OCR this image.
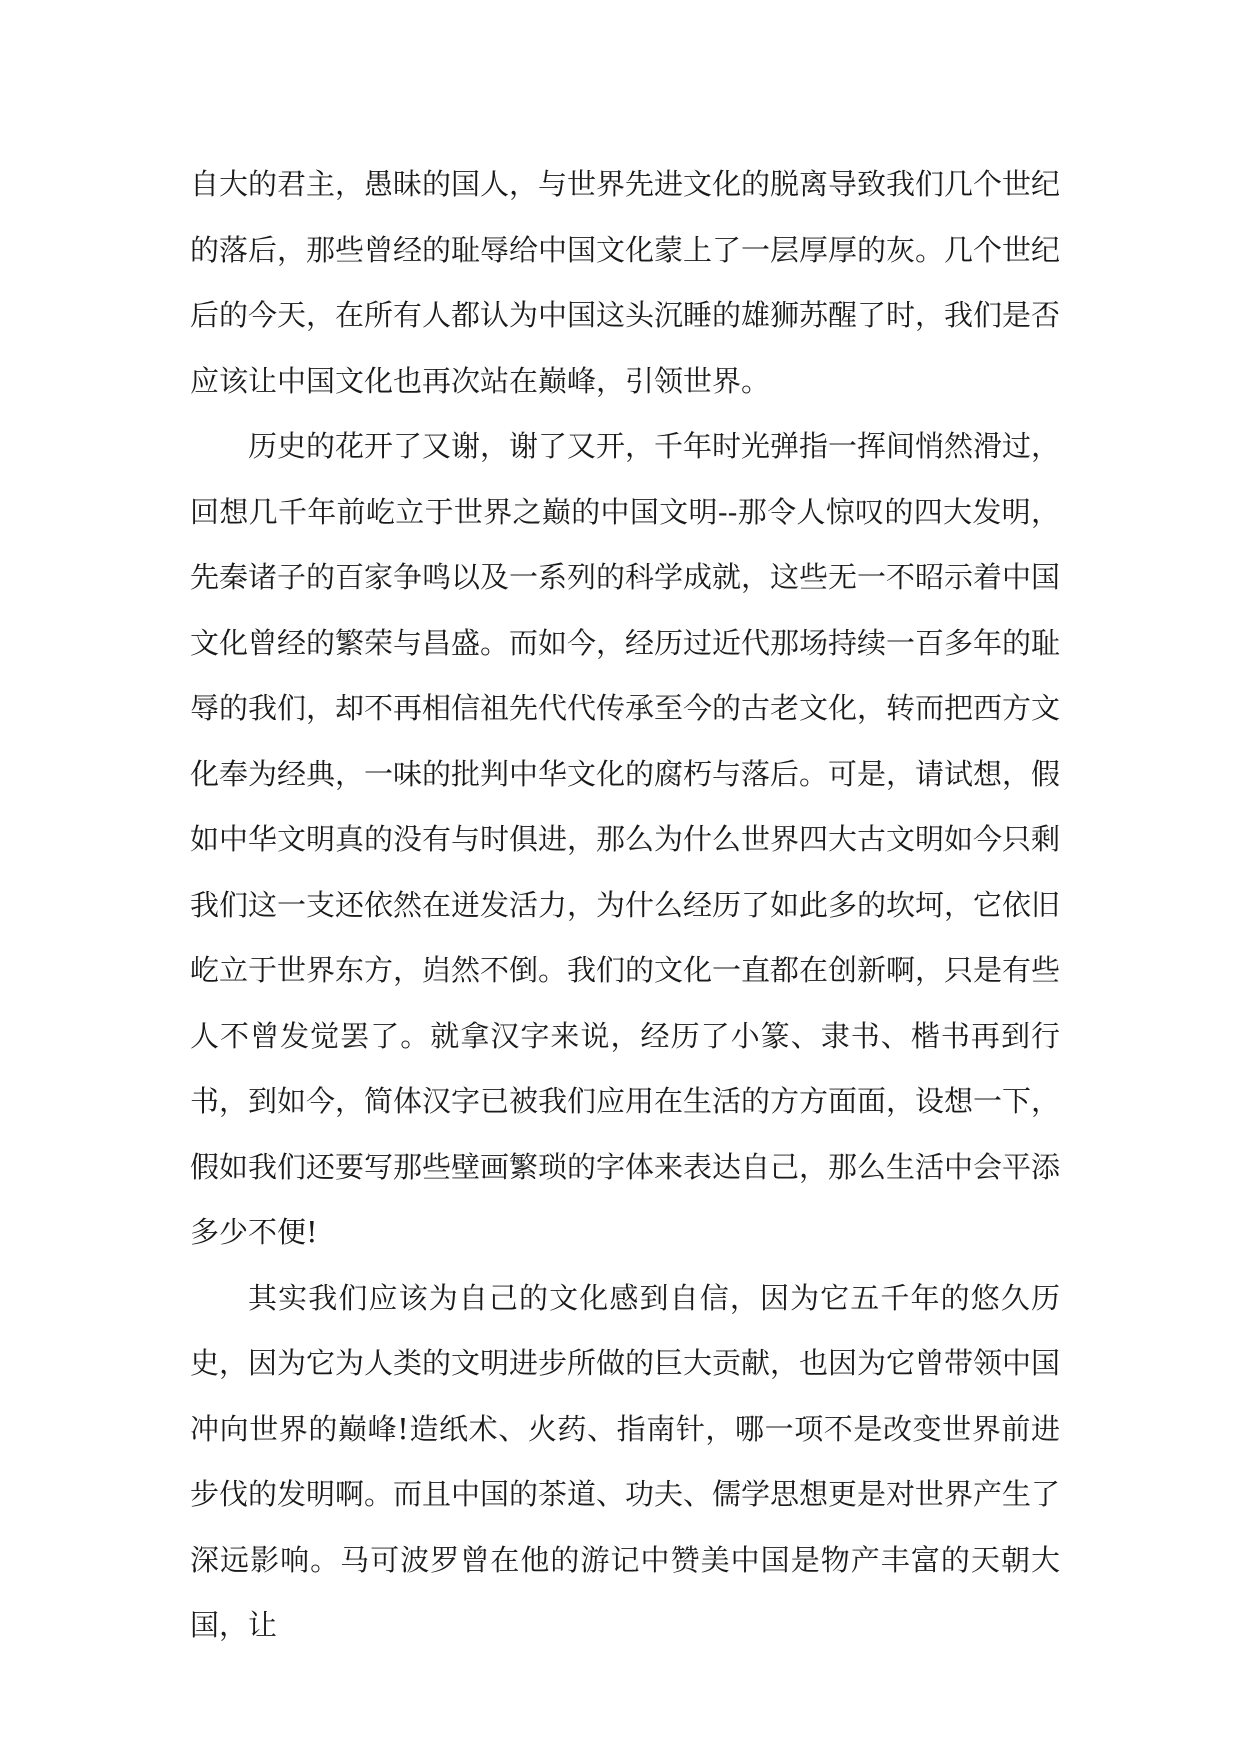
自大的君主，愚昧的国人，与世界先进文化的脱离导致我们几个世纪的落后，那些曾经的耻辱给中国文化蒙上了一层厚厚的灰。几个世纪后的今天，在所有人都认为中国这头沉睡的雄狮苏醒了时，我们是否应该让中国文化也再次站在巅峰，引领世界。

历史的花开了又谢，谢了又开，千年时光弹指一挥间悄然滑过，回想几千年前屹立于世界之巅的中国文明--那令人惊叹的四大发明，先秦诸子的百家争鸣以及一系列的科学成就，这些无一不昭示着中国文化曾经的繁荣与昌盛。而如今，经历过近代那场持续一百多年的耻辱的我们，却不再相信祖先代代传承至今的古老文化，转而把西方文化奉为经典，一味的批判中华文化的腐朽与落后。可是，请试想，假如中华文明真的没有与时俱进，那么为什么世界四大古文明如今只剩我们这一支还依然在迸发活力，为什么经历了如此多的坎坷，它依旧屹立于世界东方，岿然不倒。我们的文化一直都在创新啊，只是有些人不曾发觉罢了。就拿汉字来说，经历了小篆、隶书、楷书再到行书，到如今，简体汉字已被我们应用在生活的方方面面，设想一下，假如我们还要写那些壁画繁琐的字体来表达自己，那么生活中会平添多少不便!

其实我们应该为自己的文化感到自信，因为它五千年的悠久历史，因为它为人类的文明进步所做的巨大贡献，也因为它曾带领中国冲向世界的巅峰!造纸术、火药、指南针，哪一项不是改变世界前进步伐的发明啊。而且中国的茶道、功夫、儒学思想更是对世界产生了深远影响。马可波罗曾在他的游记中赞美中国是物产丰富的天朝大国，让
